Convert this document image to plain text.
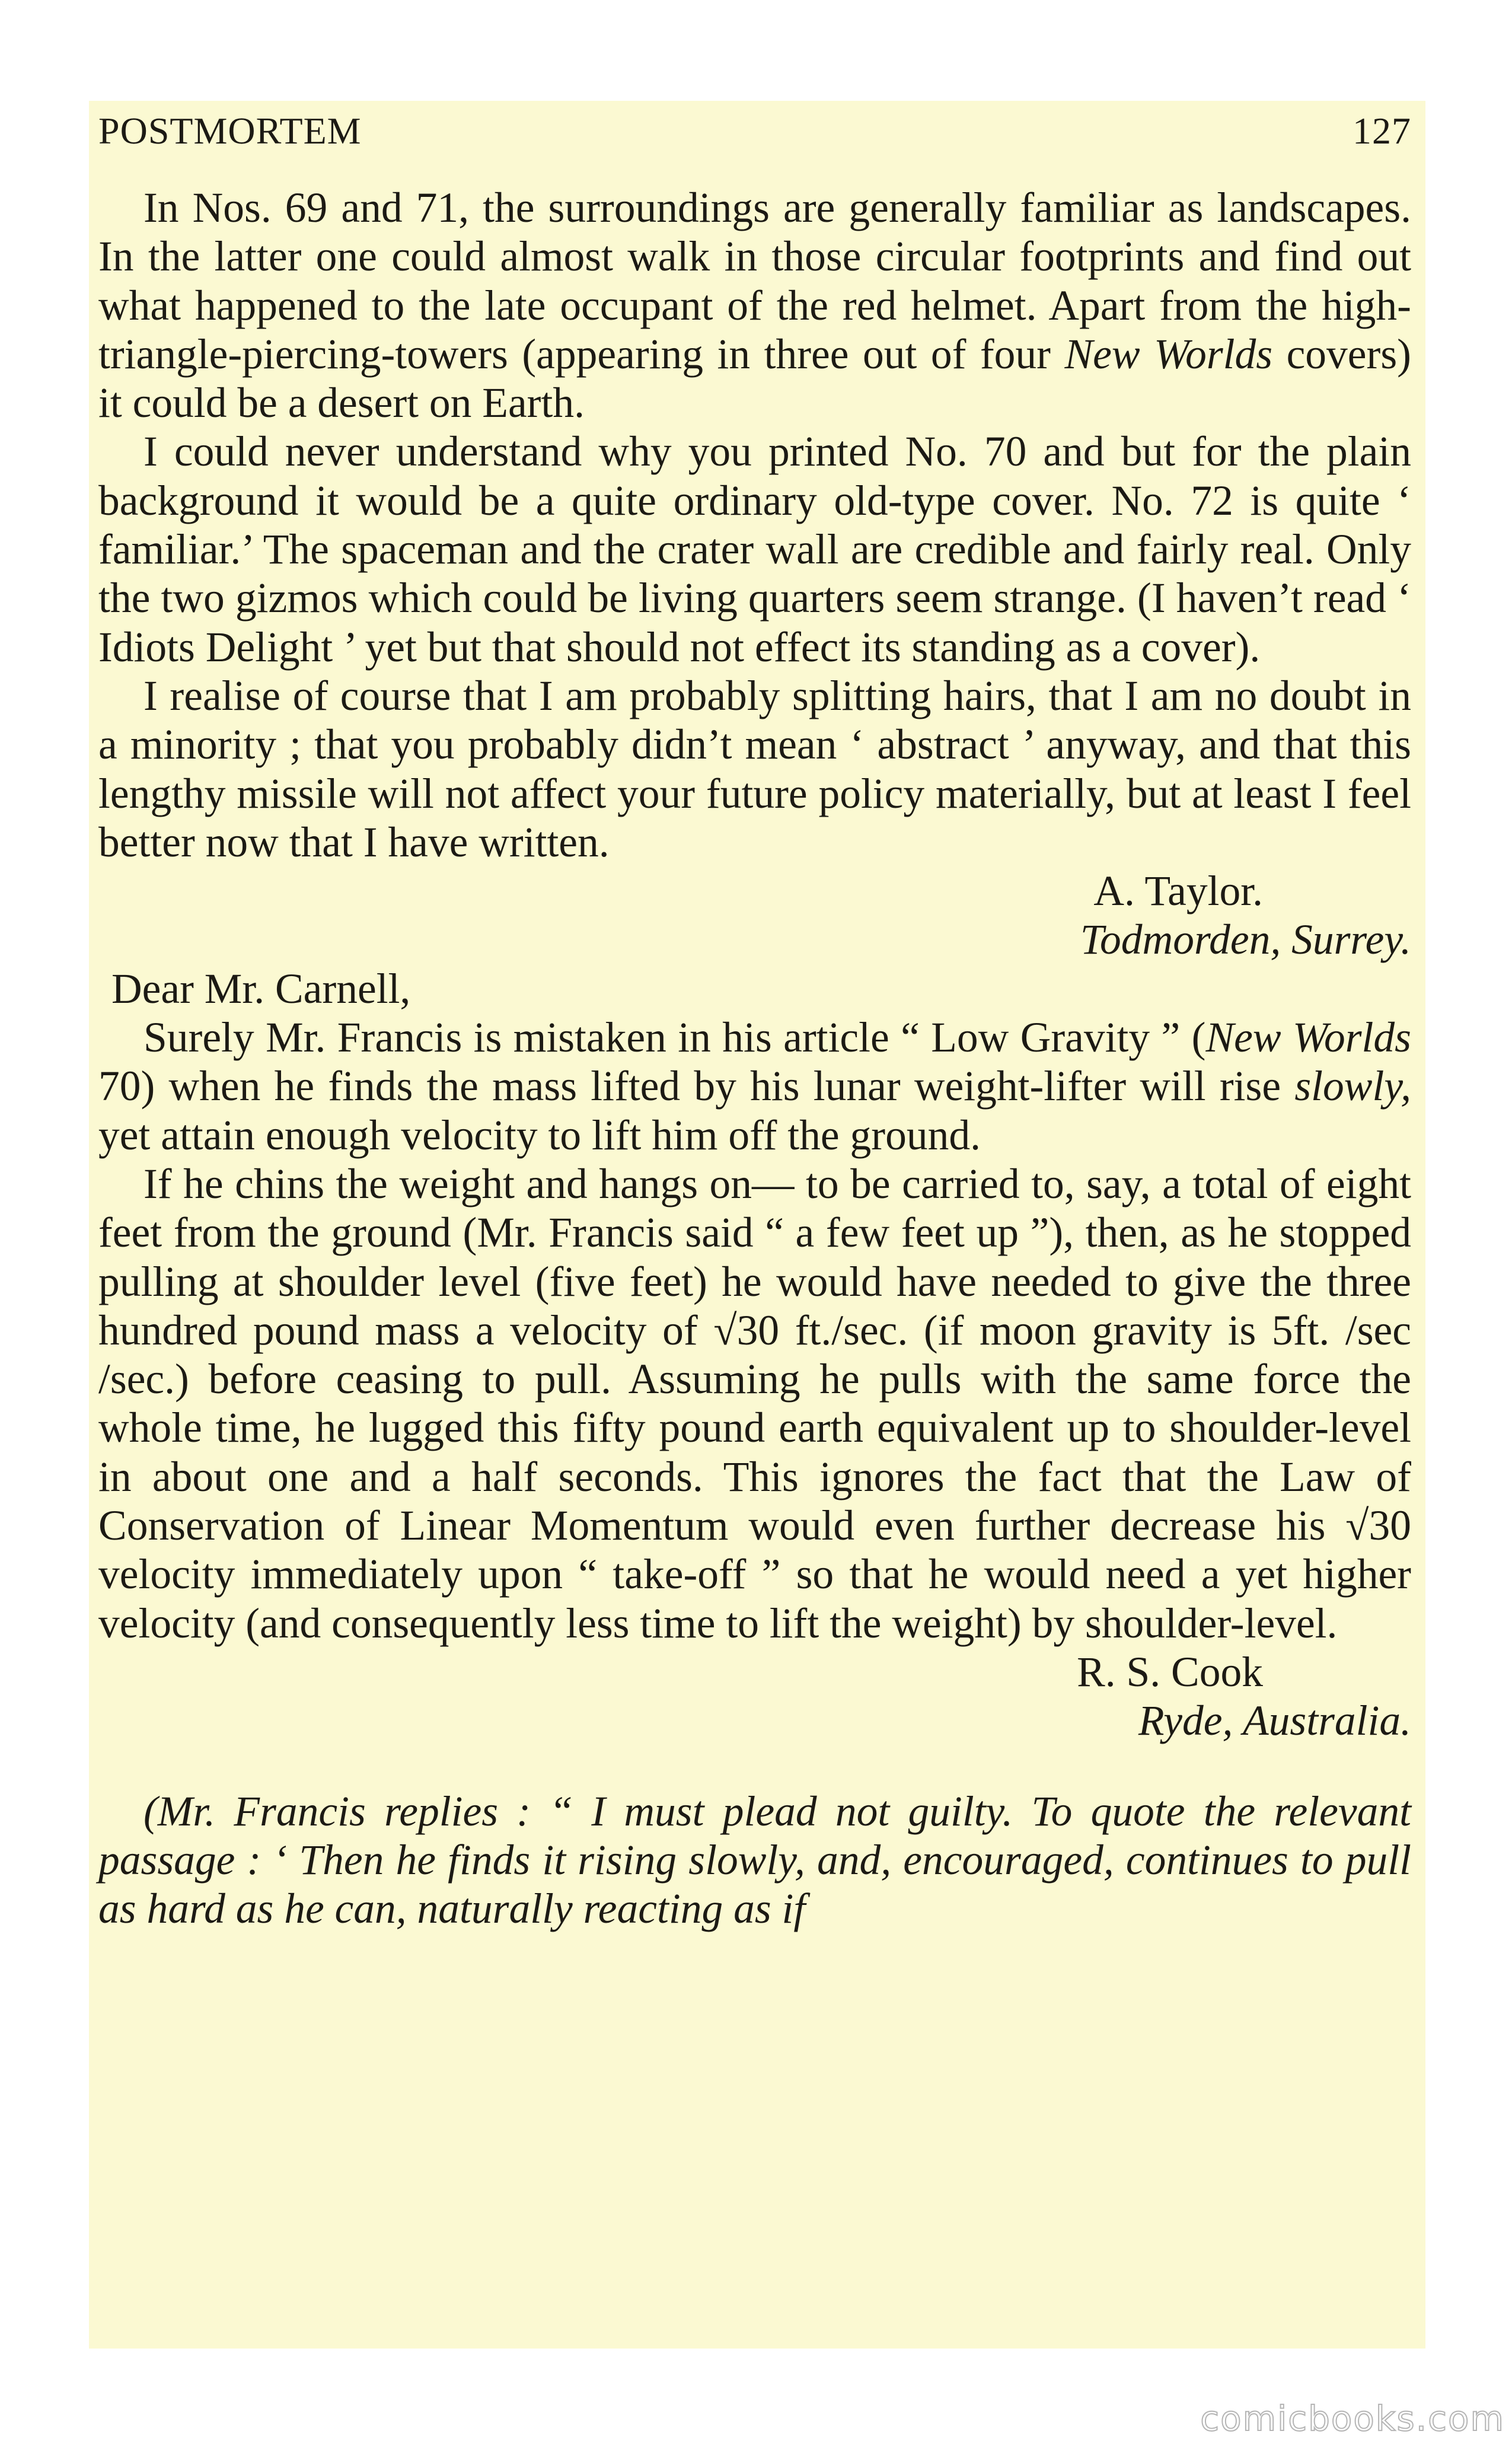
POSTMORTEM	127

In Nos. 69 and 71, the surroundings are generally familiar as landscapes. In the latter one could almost walk in those circular footprints and find out what happened to the late occupant of the red helmet. Apart from the high-triangle-piercing-towers (appearing in three out of four New Worlds covers) it could be a desert on Earth.

I could never understand why you printed No. 70 and but for the plain background it would be a quite ordinary old-type cover. No. 72 is quite ‘ familiar.’ The spaceman and the crater wall are credible and fairly real. Only the two gizmos which could be living quarters seem strange. (I haven’t read ‘ Idiots Delight ’ yet but that should not effect its standing as a cover).

I realise of course that I am probably splitting hairs, that I am no doubt in a minority ; that you probably didn’t mean ‘ abstract ’ anyway, and that this lengthy missile will not affect your future policy materially, but at least I feel better now that I have written.

A. Taylor.

Todmorden, Surrey.

Dear Mr. Carnell,

Surely Mr. Francis is mistaken in his article “ Low Gravity ” (New Worlds 70) when he finds the mass lifted by his lunar weight-lifter will rise slowly, yet attain enough velocity to lift him off the ground.

If he chins the weight and hangs on— to be carried to, say, a total of eight feet from the ground (Mr. Francis said “ a few feet up ”), then, as he stopped pulling at shoulder level (five feet) he would have needed to give the three hundred pound mass a velocity of √30 ft./sec. (if moon gravity is 5ft. /sec /sec.) before ceasing to pull. Assuming he pulls with the same force the whole time, he lugged this fifty pound earth equivalent up to shoulder-level in about one and a half seconds. This ignores the fact that the Law of Conservation of Linear Momentum would even further decrease his √30 velocity immediately upon “ take-off ” so that he would need a yet higher velocity (and consequently less time to lift the weight) by shoulder-level.

R. S. Cook

Ryde, Australia.

(Mr. Francis replies : “ I must plead not guilty. To quote the relevant passage : ‘ Then he finds it rising slowly, and, encouraged, continues to pull as hard as he can, naturally reacting as if

comicbooks.com
